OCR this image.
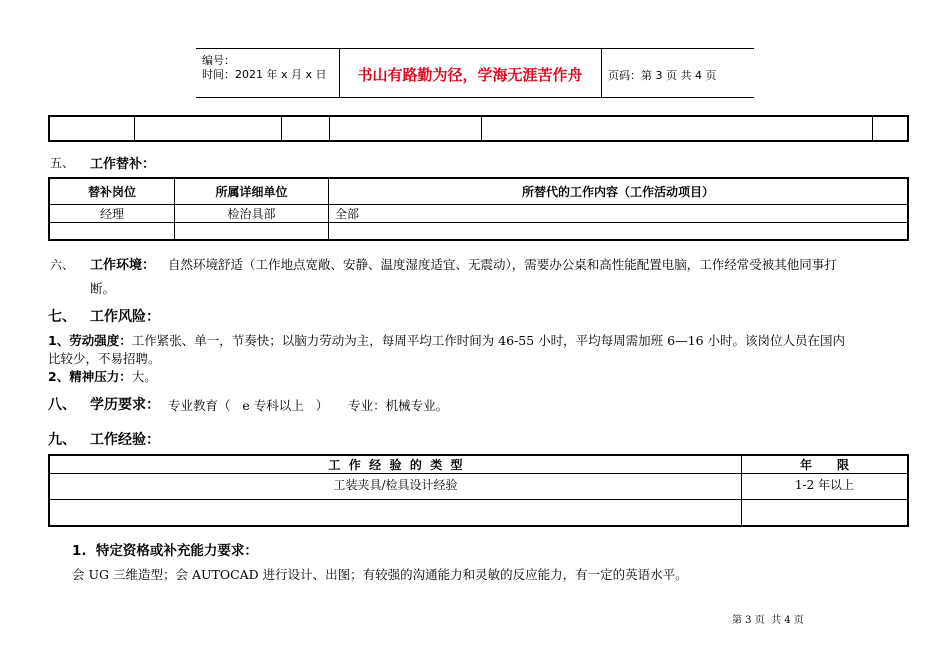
编号：
时间：2021 年 x 月 x 日	书山有路勤为径，学海无涯苦作舟	页码：第 3 页 共 4 页

五、 工作替补：
替补岗位	所属详细单位	所替代的工作内容（工作活动项目）
经理	检治具部	全部

六、 工作环境： 自然环境舒适（工作地点宽敞、安静、温度湿度适宜、无震动），需要办公桌和高性能配置电脑，工作经常受被其他同事打
断。
七、 工作风险：
1、劳动强度：工作紧张、单一，节奏快；以脑力劳动为主，每周平均工作时间为 46-55 小时，平均每周需加班 6—16 小时。该岗位人员在国内
比较少，不易招聘。
2、精神压力：大。
八、 学历要求： 专业教育（   e 专科以上   ）     专业：机械专业。
九、 工作经验：
工  作  经  验  的  类  型	年      限
工装夹具/检具设计经验	1-2 年以上

1.  特定资格或补充能力要求：
会 UG 三维造型；会 AUTOCAD 进行设计、出图；有较强的沟通能力和灵敏的反应能力，有一定的英语水平。
第 3 页  共 4 页
